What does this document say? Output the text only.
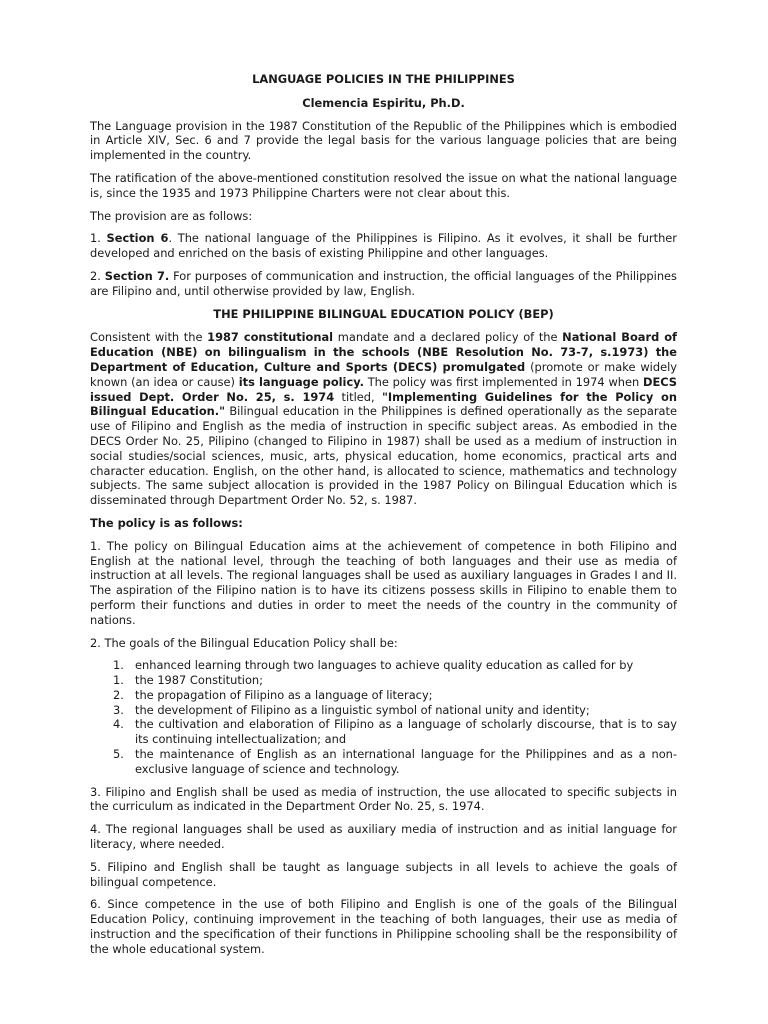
LANGUAGE POLICIES IN THE PHILIPPINES
Clemencia Espiritu, Ph.D.

The Language provision in the 1987 Constitution of the Republic of the Philippines which is embodied in Article XIV, Sec. 6 and 7 provide the legal basis for the various language policies that are being implemented in the country.

The ratification of the above-mentioned constitution resolved the issue on what the national language is, since the 1935 and 1973 Philippine Charters were not clear about this.

The provision are as follows:

1. Section 6. The national language of the Philippines is Filipino. As it evolves, it shall be further developed and enriched on the basis of existing Philippine and other languages.

2. Section 7. For purposes of communication and instruction, the official languages of the Philippines are Filipino and, until otherwise provided by law, English.

THE PHILIPPINE BILINGUAL EDUCATION POLICY (BEP)

Consistent with the 1987 constitutional mandate and a declared policy of the National Board of Education (NBE) on bilingualism in the schools (NBE Resolution No. 73-7, s.1973) the Department of Education, Culture and Sports (DECS) promulgated (promote or make widely known (an idea or cause) its language policy. The policy was first implemented in 1974 when DECS issued Dept. Order No. 25, s. 1974 titled, "Implementing Guidelines for the Policy on Bilingual Education." Bilingual education in the Philippines is defined operationally as the separate use of Filipino and English as the media of instruction in specific subject areas. As embodied in the DECS Order No. 25, Pilipino (changed to Filipino in 1987) shall be used as a medium of instruction in social studies/social sciences, music, arts, physical education, home economics, practical arts and character education. English, on the other hand, is allocated to science, mathematics and technology subjects. The same subject allocation is provided in the 1987 Policy on Bilingual Education which is disseminated through Department Order No. 52, s. 1987.

The policy is as follows:

1. The policy on Bilingual Education aims at the achievement of competence in both Filipino and English at the national level, through the teaching of both languages and their use as media of instruction at all levels. The regional languages shall be used as auxiliary languages in Grades I and II. The aspiration of the Filipino nation is to have its citizens possess skills in Filipino to enable them to perform their functions and duties in order to meet the needs of the country in the community of nations.

2. The goals of the Bilingual Education Policy shall be:

1. enhanced learning through two languages to achieve quality education as called for by
1. the 1987 Constitution;
2. the propagation of Filipino as a language of literacy;
3. the development of Filipino as a linguistic symbol of national unity and identity;
4. the cultivation and elaboration of Filipino as a language of scholarly discourse, that is to say its continuing intellectualization; and
5. the maintenance of English as an international language for the Philippines and as a non-exclusive language of science and technology.

3. Filipino and English shall be used as media of instruction, the use allocated to specific subjects in the curriculum as indicated in the Department Order No. 25, s. 1974.

4. The regional languages shall be used as auxiliary media of instruction and as initial language for literacy, where needed.

5. Filipino and English shall be taught as language subjects in all levels to achieve the goals of bilingual competence.

6. Since competence in the use of both Filipino and English is one of the goals of the Bilingual Education Policy, continuing improvement in the teaching of both languages, their use as media of instruction and the specification of their functions in Philippine schooling shall be the responsibility of the whole educational system.
